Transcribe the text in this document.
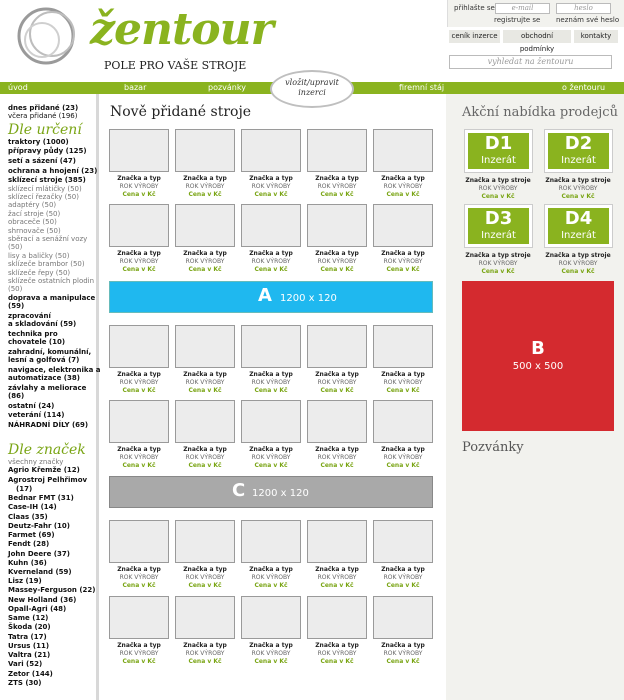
žentour
POLE PRO VAŠE STROJE
přihlašte se	e-mail	heslo
registrujte se neznám své heslo
ceník inzerce	obchodní podmínky
kontakty
vyhledat na žentouru
úvod	bazar	pozvánky	firemní stáj	o žentouru
vložit/upravit
inzerci
dnes přidané (23)
včera přidané (196)
Dle určení
traktory (1000)
přípravy půdy (125)
setí a sázení (47)
ochrana a hnojení (23)
sklízecí stroje (385)
sklízecí mlátičky (50)
sklízecí řezačky (50)
adaptéry (50)
žací stroje (50)
obraceče (50)
shrnovače (50)
sběrací a senážní vozy
(50)
lisy a baličky (50)
sklízeče brambor (50)
sklízeče řepy (50)
sklízeče ostatních plodin
(50)
doprava a manipulace
(59)
zpracování
a skladování (59)
technika pro
chovatele (10)
zahradní, komunální,
lesní a golfová (7)
navigace, elektronika a
automatizace (38)
závlahy a meliorace
(86)
ostatní (24)
veterání (114)
NÁHRADNÍ DÍLY (69)
Dle značek
všechny značky
Agrio Křemže (12)
Agrostroj Pelhřimov
(17)
Bednar FMT (31)
Case-IH (14)
Claas (35)
Deutz-Fahr (10)
Farmet (69)
Fendt (28)
John Deere (37)
Kuhn (36)
Kverneland (59)
Lisz (19)
Massey-Ferguson (22)
New Holland (36)
Opall-Agri (48)
Same (12)
Škoda (20)
Tatra (17)
Ursus (11)
Valtra (21)
Vari (52)
Zetor (144)
ZTS (30)
Nově přidané stroje
Značka a typ
ROK VÝROBY
Cena v Kč
Značka a typ
ROK VÝROBY
Cena v Kč
Značka a typ
ROK VÝROBY
Cena v Kč
Značka a typ
ROK VÝROBY
Cena v Kč
Značka a typ
ROK VÝROBY
Cena v Kč
Značka a typ
ROK VÝROBY
Cena v Kč
Značka a typ
ROK VÝROBY
Cena v Kč
Značka a typ
ROK VÝROBY
Cena v Kč
Značka a typ
ROK VÝROBY
Cena v Kč
Značka a typ
ROK VÝROBY
Cena v Kč
Značka a typ
ROK VÝROBY
Cena v Kč
Značka a typ
ROK VÝROBY
Cena v Kč
Značka a typ
ROK VÝROBY
Cena v Kč
Značka a typ
ROK VÝROBY
Cena v Kč
Značka a typ
ROK VÝROBY
Cena v Kč
Značka a typ
ROK VÝROBY
Cena v Kč
Značka a typ
ROK VÝROBY
Cena v Kč
Značka a typ
ROK VÝROBY
Cena v Kč
Značka a typ
ROK VÝROBY
Cena v Kč
Značka a typ
ROK VÝROBY
Cena v Kč
Značka a typ
ROK VÝROBY
Cena v Kč
Značka a typ
ROK VÝROBY
Cena v Kč
Značka a typ
ROK VÝROBY
Cena v Kč
Značka a typ
ROK VÝROBY
Cena v Kč
Značka a typ
ROK VÝROBY
Cena v Kč
Značka a typ
ROK VÝROBY
Cena v Kč
Značka a typ
ROK VÝROBY
Cena v Kč
Značka a typ
ROK VÝROBY
Cena v Kč
Značka a typ
ROK VÝROBY
Cena v Kč
Značka a typ
ROK VÝROBY
Cena v Kč
A 1200 x 120
C 1200 x 120
Akční nabídka prodejců
D1
Inzerát
Značka a typ stroje
ROK VÝROBY
Cena v Kč
D2
Inzerát
Značka a typ stroje
ROK VÝROBY
Cena v Kč
D3
Inzerát
Značka a typ stroje
ROK VÝROBY
Cena v Kč
D4
Inzerát
Značka a typ stroje
ROK VÝROBY
Cena v Kč
B
500 x 500
Pozvánky
